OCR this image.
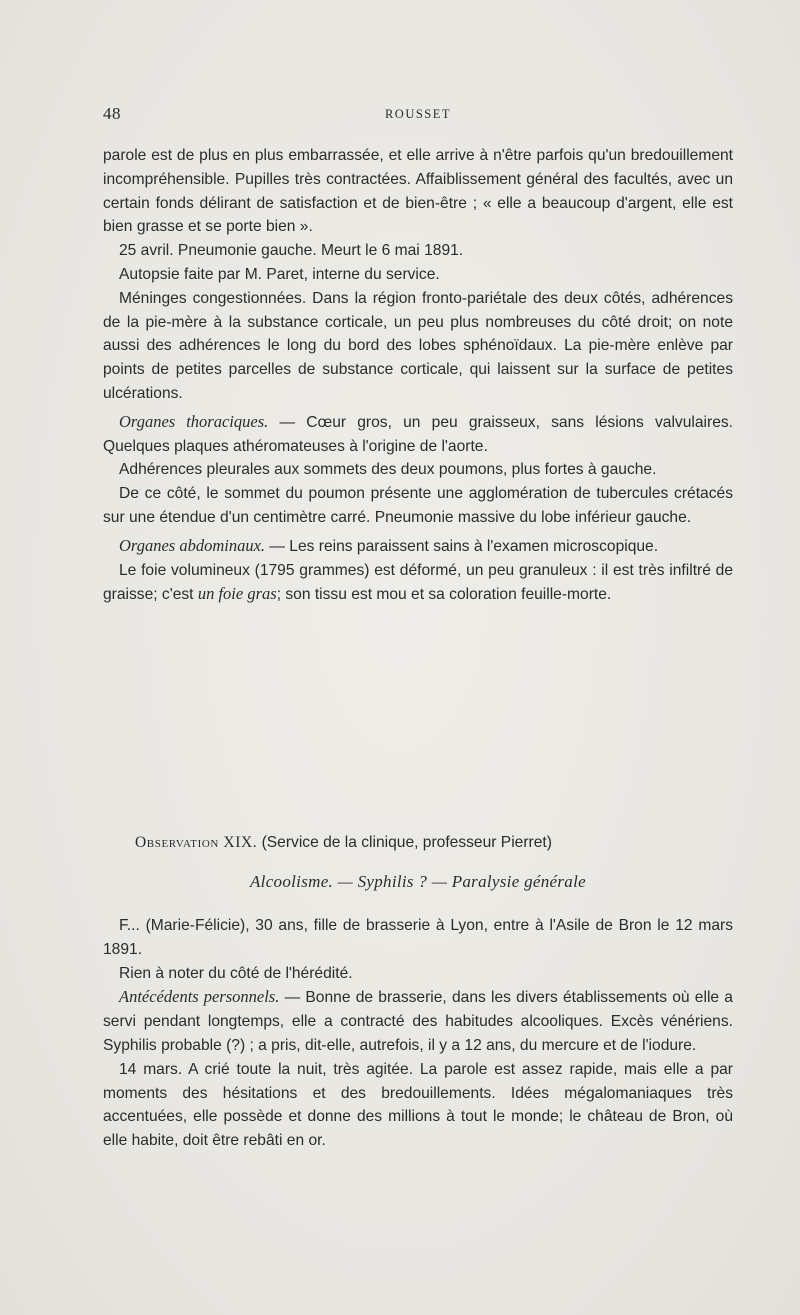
48	ROUSSET

parole est de plus en plus embarrassée, et elle arrive à n'être parfois qu'un bredouillement incompréhensible. Pupilles très contractées. Affaiblissement général des facultés, avec un certain fonds délirant de satisfaction et de bien-être ; « elle a beaucoup d'argent, elle est bien grasse et se porte bien ».

25 avril. Pneumonie gauche. Meurt le 6 mai 1891.

Autopsie faite par M. Paret, interne du service.

Méninges congestionnées. Dans la région fronto-pariétale des deux côtés, adhérences de la pie-mère à la substance corticale, un peu plus nombreuses du côté droit; on note aussi des adhérences le long du bord des lobes sphénoïdaux. La pie-mère enlève par points de petites parcelles de substance corticale, qui laissent sur la surface de petites ulcérations.

Organes thoraciques. — Cœur gros, un peu graisseux, sans lésions valvulaires. Quelques plaques athéromateuses à l'origine de l'aorte.

Adhérences pleurales aux sommets des deux poumons, plus fortes à gauche.

De ce côté, le sommet du poumon présente une agglomération de tubercules crétacés sur une étendue d'un centimètre carré. Pneumonie massive du lobe inférieur gauche.

Organes abdominaux. — Les reins paraissent sains à l'examen microscopique.

Le foie volumineux (1795 grammes) est déformé, un peu granuleux : il est très infiltré de graisse; c'est un foie gras; son tissu est mou et sa coloration feuille-morte.

Observation XIX. (Service de la clinique, professeur Pierret)
Alcoolisme. — Syphilis ? — Paralysie générale

F... (Marie-Félicie), 30 ans, fille de brasserie à Lyon, entre à l'Asile de Bron le 12 mars 1891.

Rien à noter du côté de l'hérédité.

Antécédents personnels. — Bonne de brasserie, dans les divers établissements où elle a servi pendant longtemps, elle a contracté des habitudes alcooliques. Excès vénériens. Syphilis probable (?) ; a pris, dit-elle, autrefois, il y a 12 ans, du mercure et de l'iodure.

14 mars. A crié toute la nuit, très agitée. La parole est assez rapide, mais elle a par moments des hésitations et des bredouillements. Idées mégalomaniaques très accentuées, elle possède et donne des millions à tout le monde; le château de Bron, où elle habite, doit être rebâti en or.
